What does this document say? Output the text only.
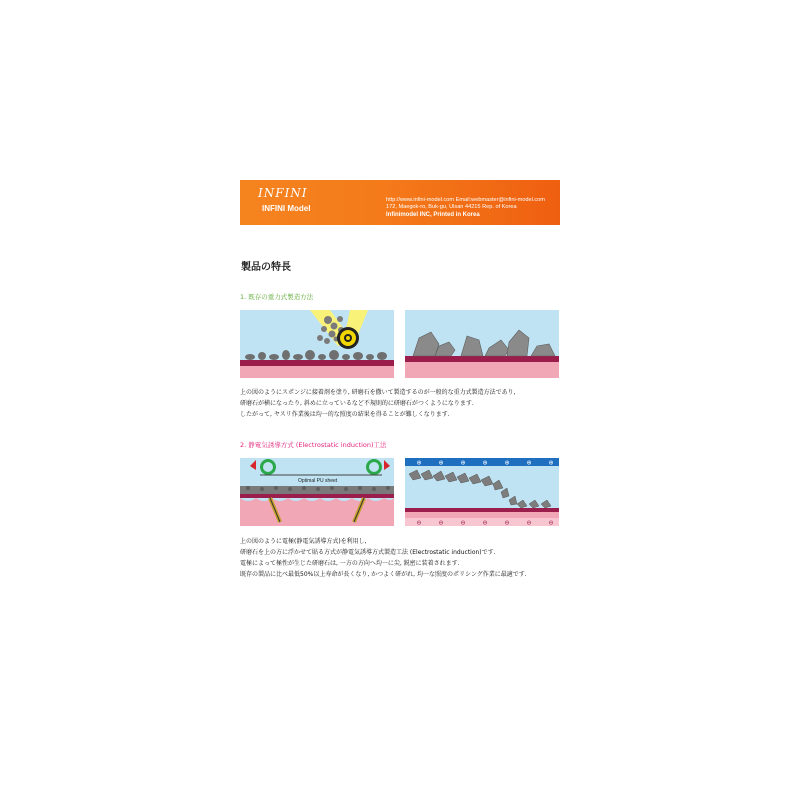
INFINI
INFINI Model
http://www.infini-model.com Email:webmaster@infini-model.com
172, Maegok-ro, Buk-gu, Ulsan 44215 Rep. of Korea
Infinimodel INC, Printed in Korea
製品の特長
1. 既存の重力式製造方法
上の図のようにスポンジに接着剤を塗り, 研磨石を撒いて製造するのが一般的な重力式製造方法であり,
研磨石が横になったり, 斜めに立っているなど不規則的に研磨石がつくようになります.
したがって, ヤスリ作業後は均一的な照度の結果を得ることが難しくなります.
2. 静電気誘導方式 (Electrostatic induction)工法
Optimal PU sheet
⊕	⊕	⊕	⊕	⊕	⊕	⊕
⊖	⊖	⊖	⊖	⊖	⊖	⊖
上の図のように電極(静電気誘導方式)を利用し,
研磨石を上の方に浮かせて貼る方式が静電気誘導方式製造工法 (Electrostatic induction)です.
電極によって極性が生じた研磨石は, 一方の方向へ均一に尖, 鋭密に装着されます.
既存の製品に比べ最低50%以上寿命が長くなり, かつよく研がれ, 均一な照度のポリシング作業に最適です.
